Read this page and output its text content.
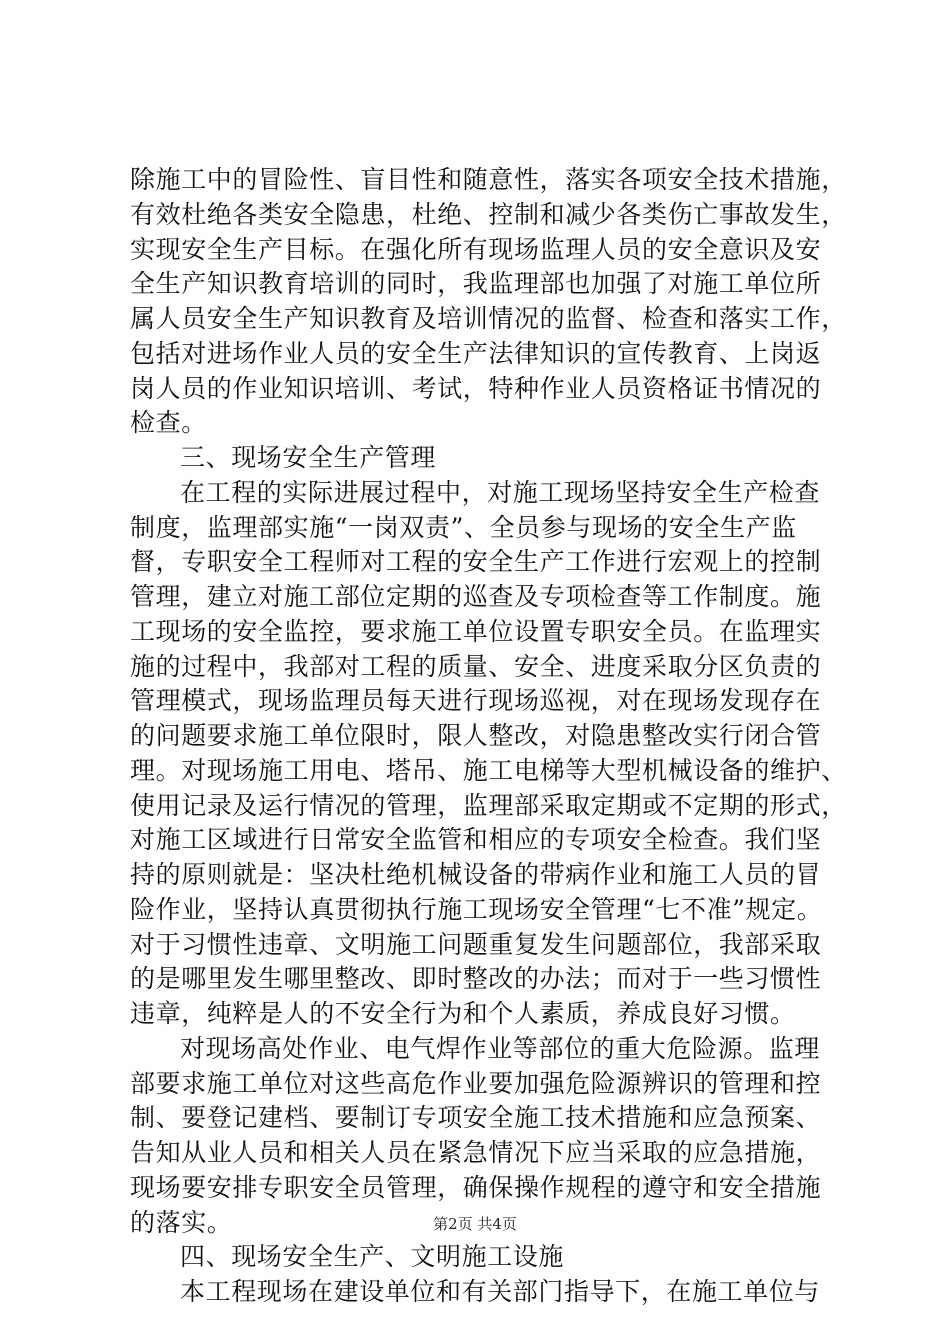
除施工中的冒险性、盲目性和随意性，落实各项安全技术措施，
有效杜绝各类安全隐患，杜绝、控制和减少各类伤亡事故发生，
实现安全生产目标。在强化所有现场监理人员的安全意识及安
全生产知识教育培训的同时，我监理部也加强了对施工单位所
属人员安全生产知识教育及培训情况的监督、检查和落实工作，
包括对进场作业人员的安全生产法律知识的宣传教育、上岗返
岗人员的作业知识培训、考试，特种作业人员资格证书情况的
检查。
三、现场安全生产管理
在工程的实际进展过程中，对施工现场坚持安全生产检查
制度，监理部实施“一岗双责”、全员参与现场的安全生产监
督，专职安全工程师对工程的安全生产工作进行宏观上的控制
管理，建立对施工部位定期的巡查及专项检查等工作制度。施
工现场的安全监控，要求施工单位设置专职安全员。在监理实
施的过程中，我部对工程的质量、安全、进度采取分区负责的
管理模式，现场监理员每天进行现场巡视，对在现场发现存在
的问题要求施工单位限时，限人整改，对隐患整改实行闭合管
理。对现场施工用电、塔吊、施工电梯等大型机械设备的维护、
使用记录及运行情况的管理，监理部采取定期或不定期的形式，
对施工区域进行日常安全监管和相应的专项安全检查。我们坚
持的原则就是：坚决杜绝机械设备的带病作业和施工人员的冒
险作业，坚持认真贯彻执行施工现场安全管理“七不准”规定。
对于习惯性违章、文明施工问题重复发生问题部位，我部采取
的是哪里发生哪里整改、即时整改的办法；而对于一些习惯性
违章，纯粹是人的不安全行为和个人素质，养成良好习惯。
对现场高处作业、电气焊作业等部位的重大危险源。监理
部要求施工单位对这些高危作业要加强危险源辨识的管理和控
制、要登记建档、要制订专项安全施工技术措施和应急预案、
告知从业人员和相关人员在紧急情况下应当采取的应急措施，
现场要安排专职安全员管理，确保操作规程的遵守和安全措施
的落实。
四、现场安全生产、文明施工设施
本工程现场在建设单位和有关部门指导下，在施工单位与
第2页 共4页
